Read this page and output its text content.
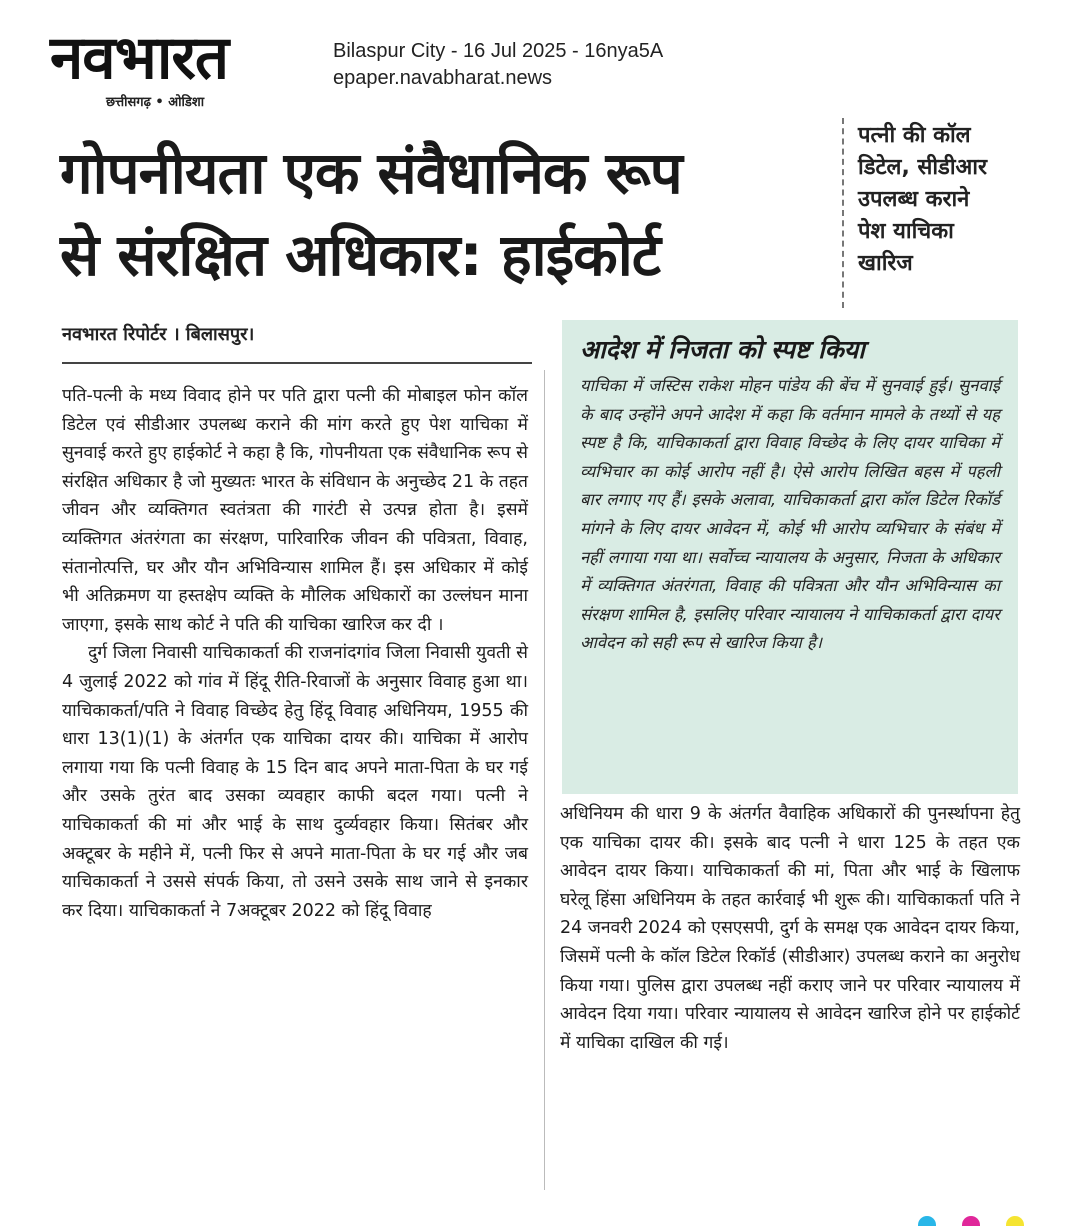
नवभारत
छत्तीसगढ़ • ओडिशा
Bilaspur City - 16 Jul 2025 - 16nya5A
epaper.navabharat.news
गोपनीयता एक संवैधानिक रूप
से संरक्षित अधिकार: हाईकोर्ट
पत्नी की कॉल
डिटेल, सीडीआर
उपलब्ध कराने
पेश याचिका
खारिज
नवभारत रिपोर्टर । बिलासपुर।

पति-पत्नी के मध्य विवाद होने पर पति द्वारा पत्नी की मोबाइल फोन कॉल डिटेल एवं सीडीआर उपलब्ध कराने की मांग करते हुए पेश याचिका में सुनवाई करते हुए हाईकोर्ट ने कहा है कि, गोपनीयता एक संवैधानिक रूप से संरक्षित अधिकार है जो मुख्यतः भारत के संविधान के अनुच्छेद 21 के तहत जीवन और व्यक्तिगत स्वतंत्रता की गारंटी से उत्पन्न होता है। इसमें व्यक्तिगत अंतरंगता का संरक्षण, पारिवारिक जीवन की पवित्रता, विवाह, संतानोत्पत्ति, घर और यौन अभिविन्यास शामिल हैं। इस अधिकार में कोई भी अतिक्रमण या हस्तक्षेप व्यक्ति के मौलिक अधिकारों का उल्लंघन माना जाएगा, इसके साथ कोर्ट ने पति की याचिका खारिज कर दी ।

दुर्ग जिला निवासी याचिकाकर्ता की राजनांदगांव जिला निवासी युवती से 4 जुलाई 2022 को गांव में हिंदू रीति-रिवाजों के अनुसार विवाह हुआ था। याचिकाकर्ता/पति ने विवाह विच्छेद हेतु हिंदू विवाह अधिनियम, 1955 की धारा 13(1)(1) के अंतर्गत एक याचिका दायर की। याचिका में आरोप लगाया गया कि पत्नी विवाह के 15 दिन बाद अपने माता-पिता के घर गई और उसके तुरंत बाद उसका व्यवहार काफी बदल गया। पत्नी ने याचिकाकर्ता की मां और भाई के साथ दुर्व्यवहार किया। सितंबर और अक्टूबर के महीने में, पत्नी फिर से अपने माता-पिता के घर गई और जब याचिकाकर्ता ने उससे संपर्क किया, तो उसने उसके साथ जाने से इनकार कर दिया। याचिकाकर्ता ने 7अक्टूबर 2022 को हिंदू विवाह

आदेश में निजता को स्पष्ट किया
याचिका में जस्टिस राकेश मोहन पांडेय की बेंच में सुनवाई हुई। सुनवाई के बाद उन्होंने अपने आदेश में कहा कि वर्तमान मामले के तथ्यों से यह स्पष्ट है कि, याचिकाकर्ता द्वारा विवाह विच्छेद के लिए दायर याचिका में व्यभिचार का कोई आरोप नहीं है। ऐसे आरोप लिखित बहस में पहली बार लगाए गए हैं। इसके अलावा, याचिकाकर्ता द्वारा कॉल डिटेल रिकॉर्ड मांगने के लिए दायर आवेदन में, कोई भी आरोप व्यभिचार के संबंध में नहीं लगाया गया था। सर्वोच्च न्यायालय के अनुसार, निजता के अधिकार में व्यक्तिगत अंतरंगता, विवाह की पवित्रता और यौन अभिविन्यास का संरक्षण शामिल है, इसलिए परिवार न्यायालय ने याचिकाकर्ता द्वारा दायर आवेदन को सही रूप से खारिज किया है।

अधिनियम की धारा 9 के अंतर्गत वैवाहिक अधिकारों की पुनर्स्थापना हेतु एक याचिका दायर की। इसके बाद पत्नी ने धारा 125 के तहत एक आवेदन दायर किया। याचिकाकर्ता की मां, पिता और भाई के खिलाफ घरेलू हिंसा अधिनियम के तहत कार्रवाई भी शुरू की। याचिकाकर्ता पति ने 24 जनवरी 2024 को एसएसपी, दुर्ग के समक्ष एक आवेदन दायर किया, जिसमें पत्नी के कॉल डिटेल रिकॉर्ड (सीडीआर) उपलब्ध कराने का अनुरोध किया गया। पुलिस द्वारा उपलब्ध नहीं कराए जाने पर परिवार न्यायालय में आवेदन दिया गया। परिवार न्यायालय से आवेदन खारिज होने पर हाईकोर्ट में याचिका दाखिल की गई।
